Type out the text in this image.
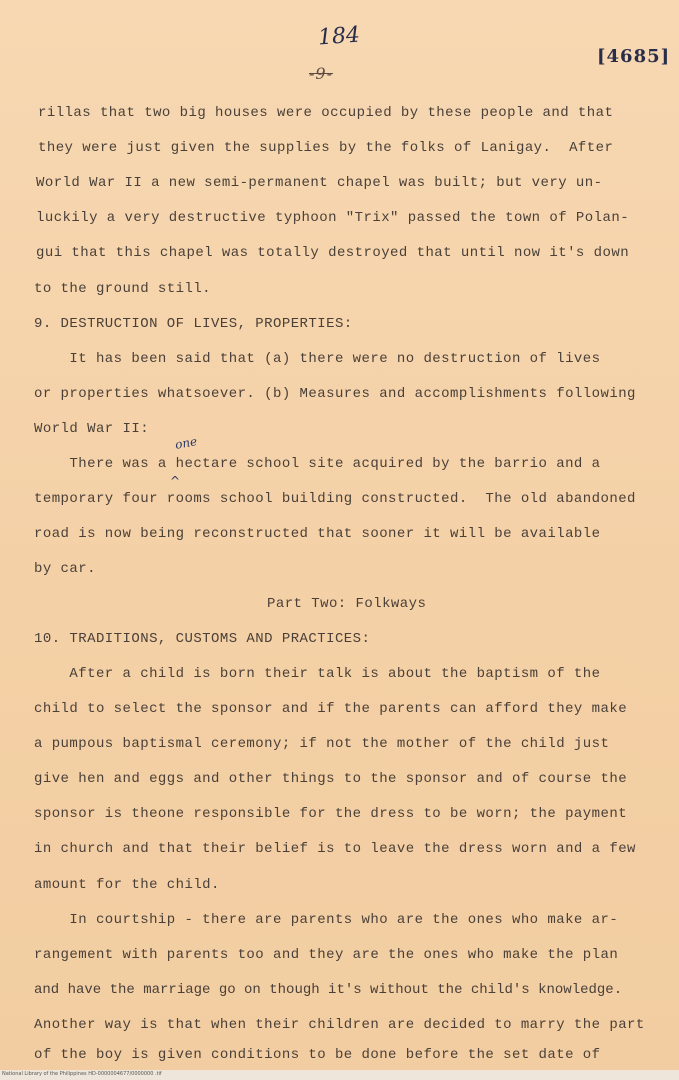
184
-9-
[4685]
rillas that two big houses were occupied by these people and that
they were just given the supplies by the folks of Lanigay.  After
World War II a new semi-permanent chapel was built; but very un-
luckily a very destructive typhoon "Trix" passed the town of Polan-
gui that this chapel was totally destroyed that until now it's down
to the ground still.
9. DESTRUCTION OF LIVES, PROPERTIES:
It has been said that (a) there were no destruction of lives
or properties whatsoever. (b) Measures and accomplishments following
World War II:
one
^
There was a hectare school site acquired by the barrio and a
temporary four rooms school building constructed.  The old abandoned
road is now being reconstructed that sooner it will be available
by car.
Part Two: Folkways
10. TRADITIONS, CUSTOMS AND PRACTICES:
After a child is born their talk is about the baptism of the
child to select the sponsor and if the parents can afford they make
a pumpous baptismal ceremony; if not the mother of the child just
give hen and eggs and other things to the sponsor and of course the
sponsor is theone responsible for the dress to be worn; the payment
in church and that their belief is to leave the dress worn and a few
amount for the child.
In courtship - there are parents who are the ones who make ar-
rangement with parents too and they are the ones who make the plan
and have the marriage go on though it's without the child's knowledge.
Another way is that when their children are decided to marry the part
of the boy is given conditions to be done before the set date of
National Library of the Philippines HD-0000004677/0000000 .tif
